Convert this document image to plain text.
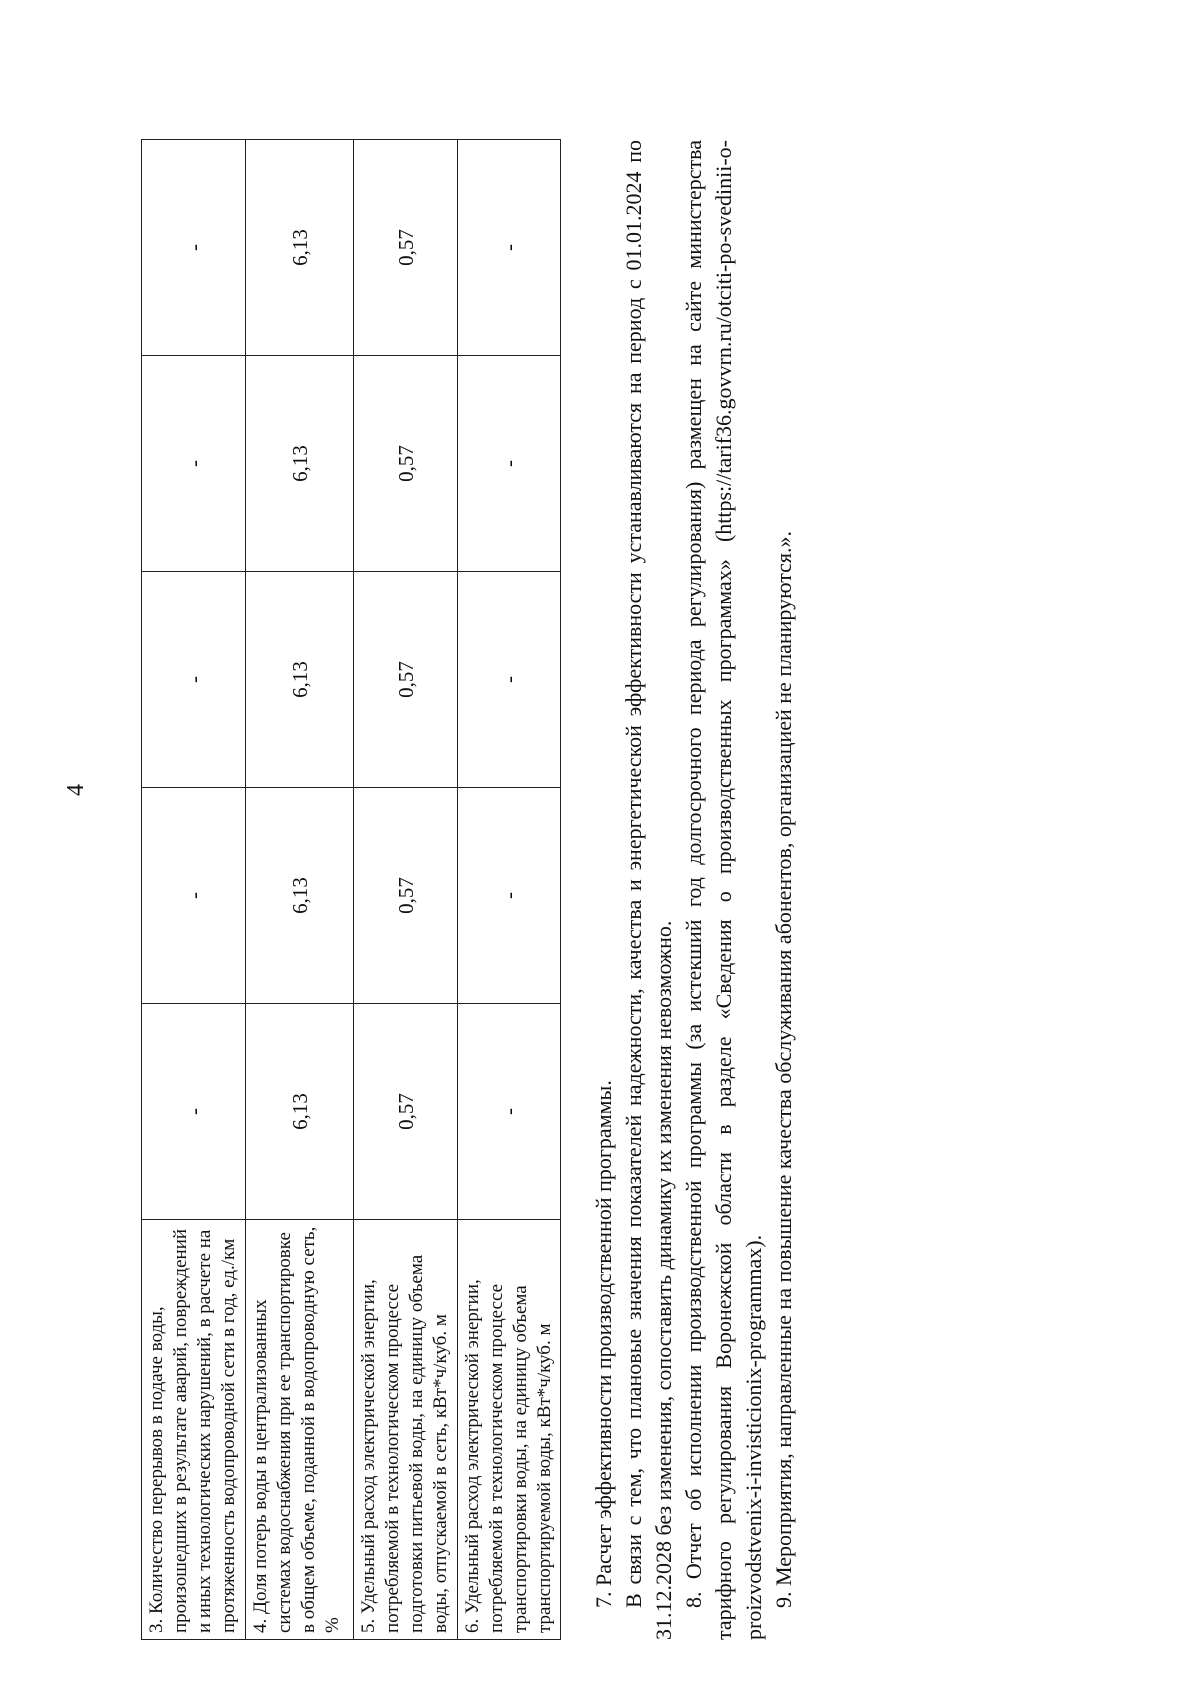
4
3. Количество перерывов в подаче воды, произошедших в результате аварий, повреждений и иных технологических нарушений, в расчете на протяженность водопроводной сети в год, ед./км	-	-	-	-	-
4. Доля потерь воды в централизованных системах водоснабжения при ее транспортировке в общем объеме, поданной в водопроводную сеть, %	6,13	6,13	6,13	6,13	6,13
5. Удельный расход электрической энергии, потребляемой в технологическом процессе подготовки питьевой воды, на единицу объема воды, отпускаемой в сеть, кВт*ч/куб. м	0,57	0,57	0,57	0,57	0,57
6. Удельный расход электрической энергии, потребляемой в технологическом процессе транспортировки воды, на единицу объема транспортируемой воды, кВт*ч/куб. м	-	-	-	-	-

7. Расчет эффективности производственной программы. В связи с тем, что плановые значения показателей надежности, качества и энергетической эффективности устанавливаются на период с 01.01.2024 по 31.12.2028 без изменения, сопоставить динамику их изменения невозможно. 8. Отчет об исполнении производственной программы (за истекший год долгосрочного периода регулирования) размещен на сайте министерства тарифного регулирования Воронежской области в разделе «Сведения о производственных программах» (https://tarif36.govvrn.ru/otciti-po-svedinii-o-proizvodstvenix-i-invisticionix-programmax). 9. Мероприятия, направленные на повышение качества обслуживания абонентов, организацией не планируются.».
